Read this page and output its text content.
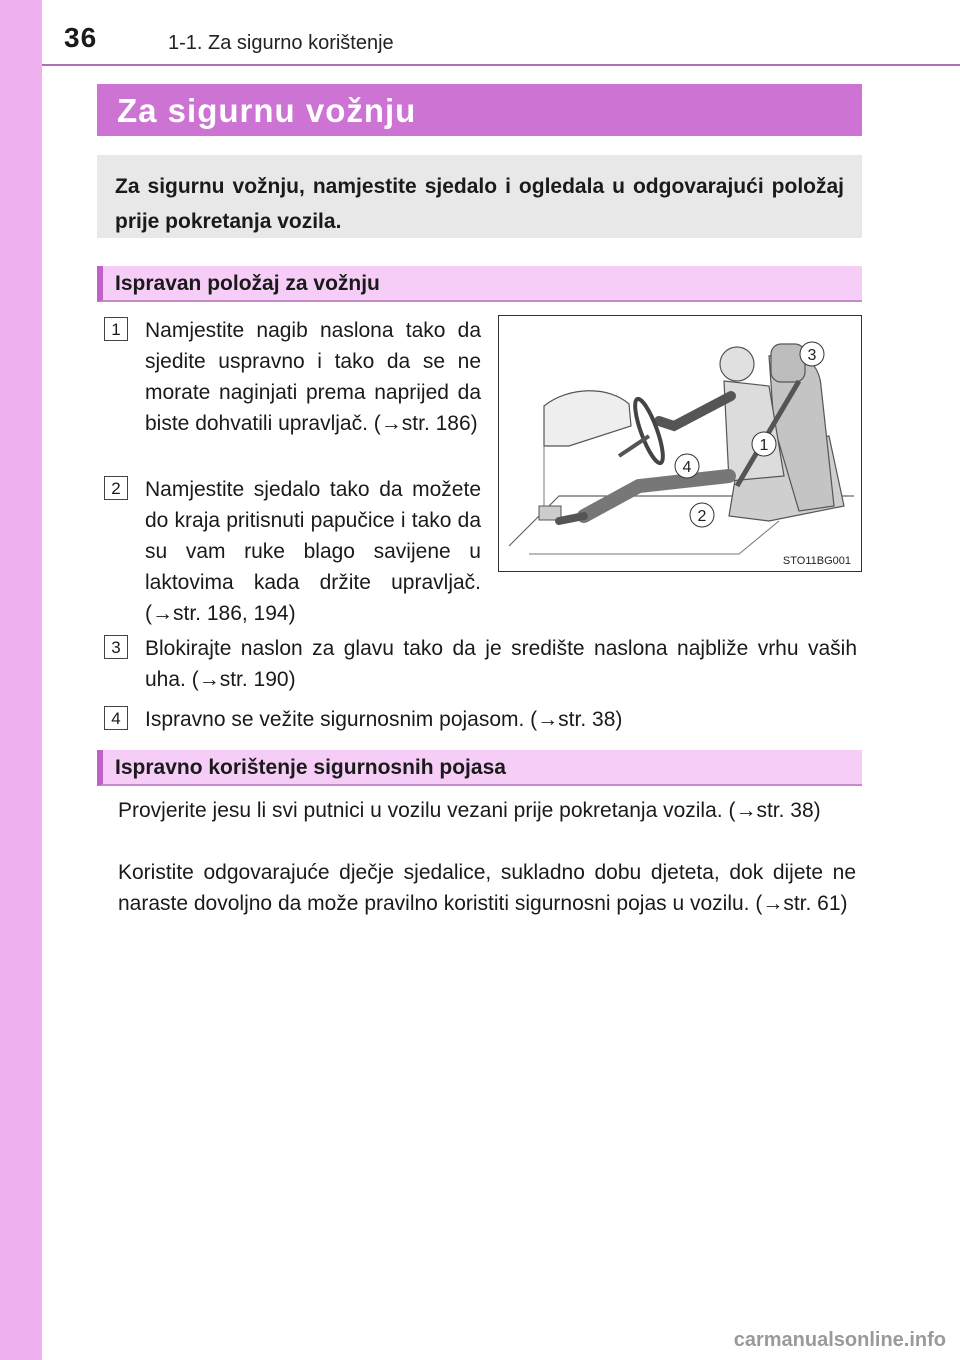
36	1-1. Za sigurno korištenje
Za sigurnu vožnju
Za sigurnu vožnju, namjestite sjedalo i ogledala u odgovarajući položaj prije pokretanja vozila.
Ispravan položaj za vožnju
1	Namjestite nagib naslona tako da sjedite uspravno i tako da se ne morate naginjati prema naprijed da biste dohvatili upravljač. (→str. 186)
2	Namjestite sjedalo tako da možete do kraja pritisnuti papučice i tako da su vam ruke blago savijene u laktovima kada držite upravljač. (→str. 186, 194)
3	Blokirajte naslon za glavu tako da je središte naslona najbliže vrhu vaših uha. (→str. 190)
4	Ispravno se vežite sigurnosnim pojasom. (→str. 38)
3
1
4
2
STO11BG001
Ispravno korištenje sigurnosnih pojasa
Provjerite jesu li svi putnici u vozilu vezani prije pokretanja vozila. (→str. 38)
Koristite odgovarajuće dječje sjedalice, sukladno dobu djeteta, dok dijete ne naraste dovoljno da može pravilno koristiti sigurnosni pojas u vozilu. (→str. 61)
carmanualsonline.info
